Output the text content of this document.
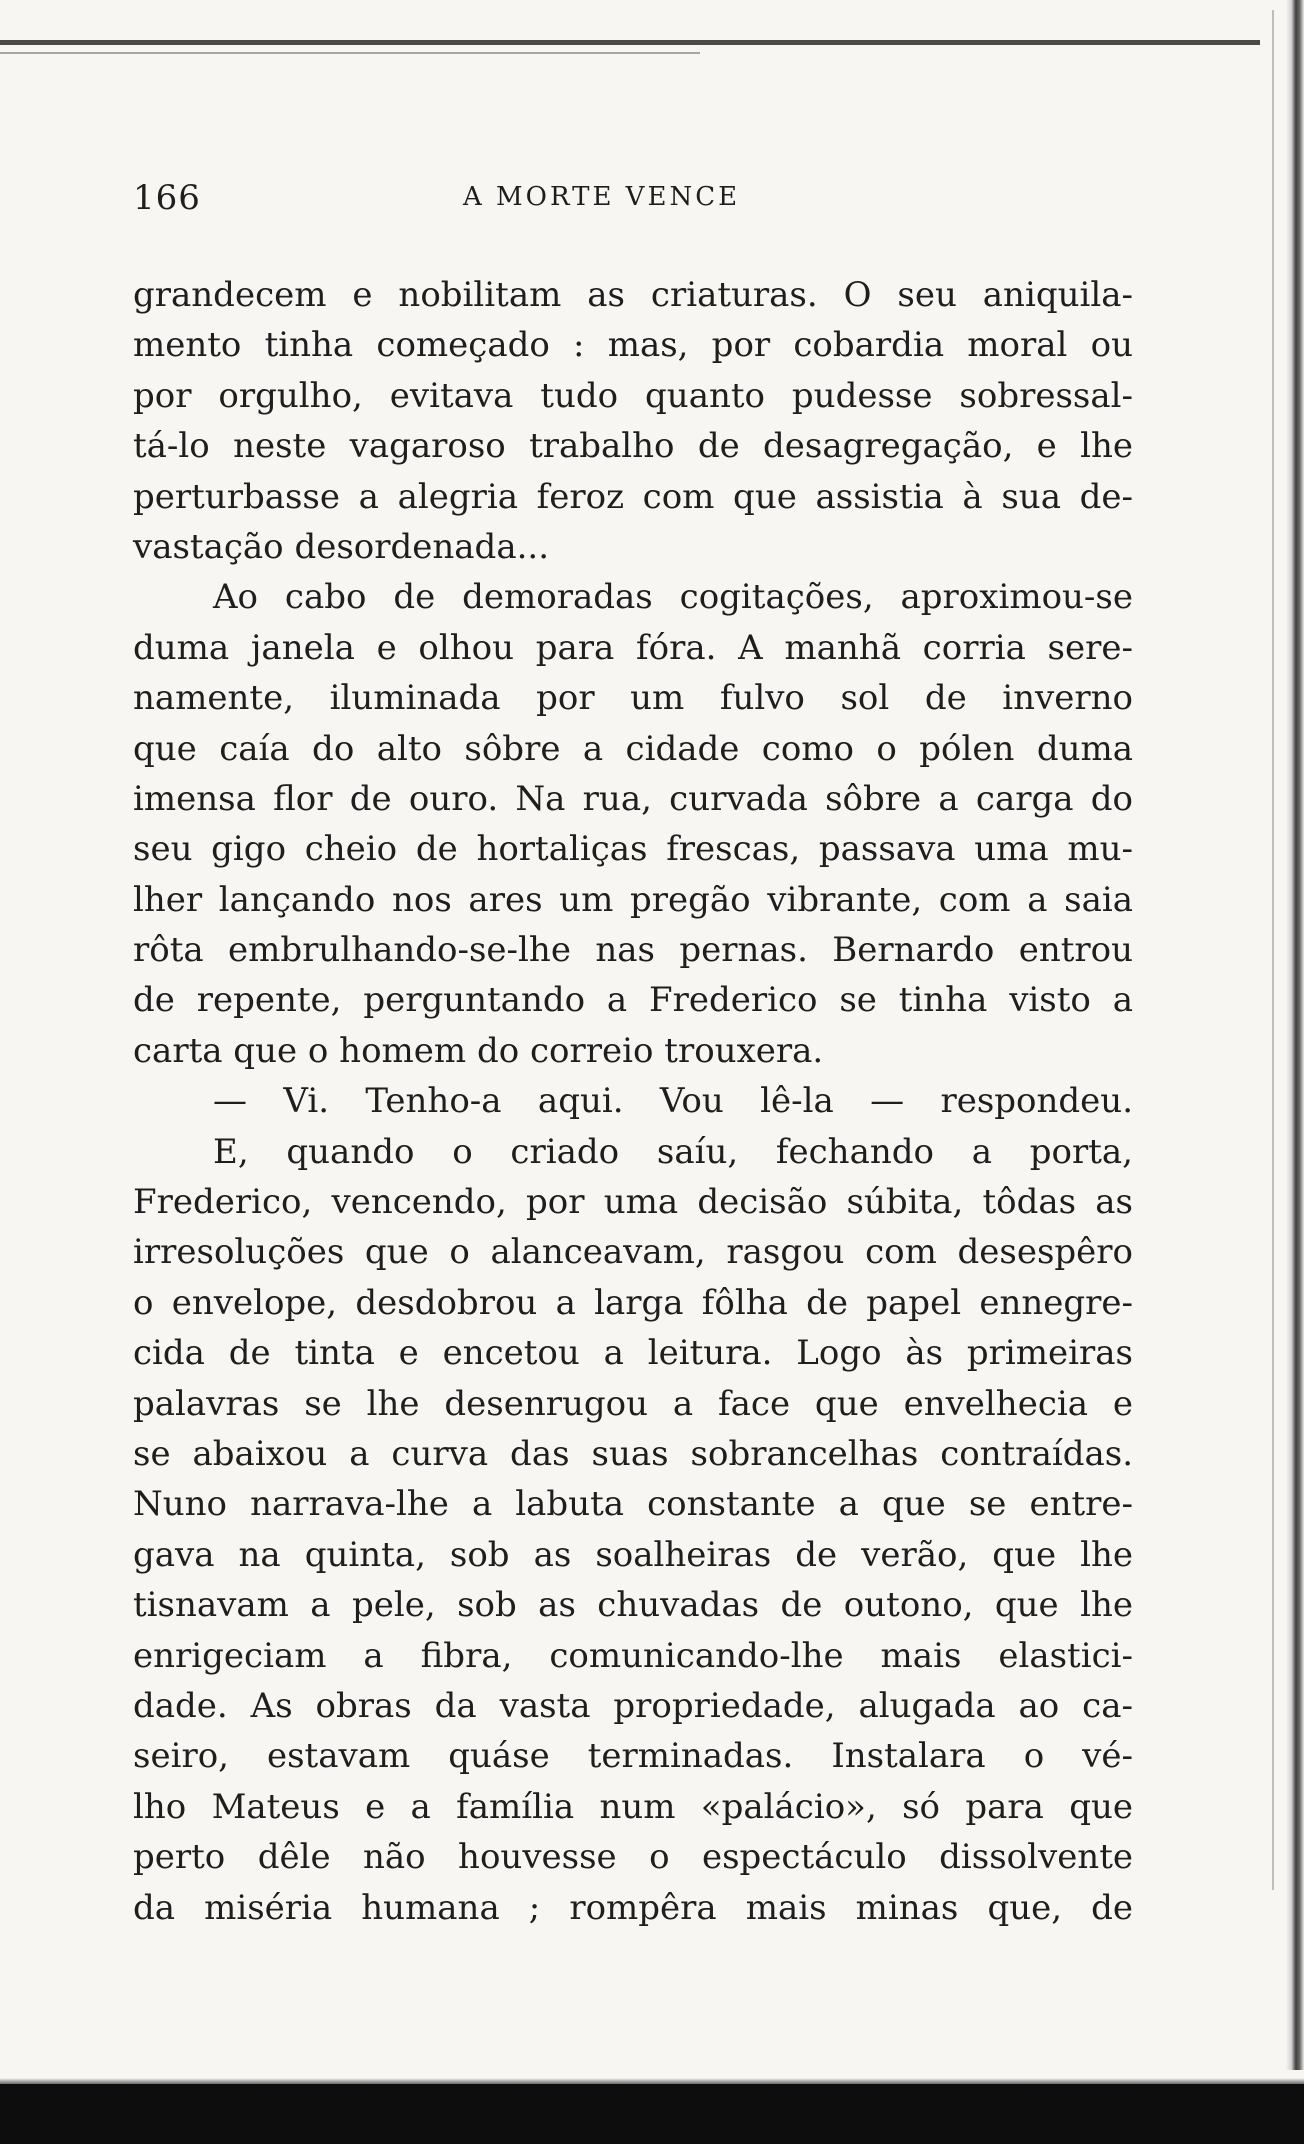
166	A MORTE VENCE
grandecem e nobilitam as criaturas. O seu aniquila-
mento tinha começado : mas, por cobardia moral ou
por orgulho, evitava tudo quanto pudesse sobressal-
tá-lo neste vagaroso trabalho de desagregação, e lhe
perturbasse a alegria feroz com que assistia à sua de-
vastação desordenada...
Ao cabo de demoradas cogitações, aproximou-se
duma janela e olhou para fóra. A manhã corria sere-
namente, iluminada por um fulvo sol de inverno
que caía do alto sôbre a cidade como o pólen duma
imensa flor de ouro. Na rua, curvada sôbre a carga do
seu gigo cheio de hortaliças frescas, passava uma mu-
lher lançando nos ares um pregão vibrante, com a saia
rôta embrulhando-se-lhe nas pernas. Bernardo entrou
de repente, perguntando a Frederico se tinha visto a
carta que o homem do correio trouxera.
— Vi. Tenho-a aqui. Vou lê-la — respondeu.
E, quando o criado saíu, fechando a porta,
Frederico, vencendo, por uma decisão súbita, tôdas as
irresoluções que o alanceavam, rasgou com desespêro
o envelope, desdobrou a larga fôlha de papel ennegre-
cida de tinta e encetou a leitura. Logo às primeiras
palavras se lhe desenrugou a face que envelhecia e
se abaixou a curva das suas sobrancelhas contraídas.
Nuno narrava-lhe a labuta constante a que se entre-
gava na quinta, sob as soalheiras de verão, que lhe
tisnavam a pele, sob as chuvadas de outono, que lhe
enrigeciam a fibra, comunicando-lhe mais elastici-
dade. As obras da vasta propriedade, alugada ao ca-
seiro, estavam quáse terminadas. Instalara o vé-
lho Mateus e a família num «palácio», só para que
perto dêle não houvesse o espectáculo dissolvente
da miséria humana ; rompêra mais minas que, de
